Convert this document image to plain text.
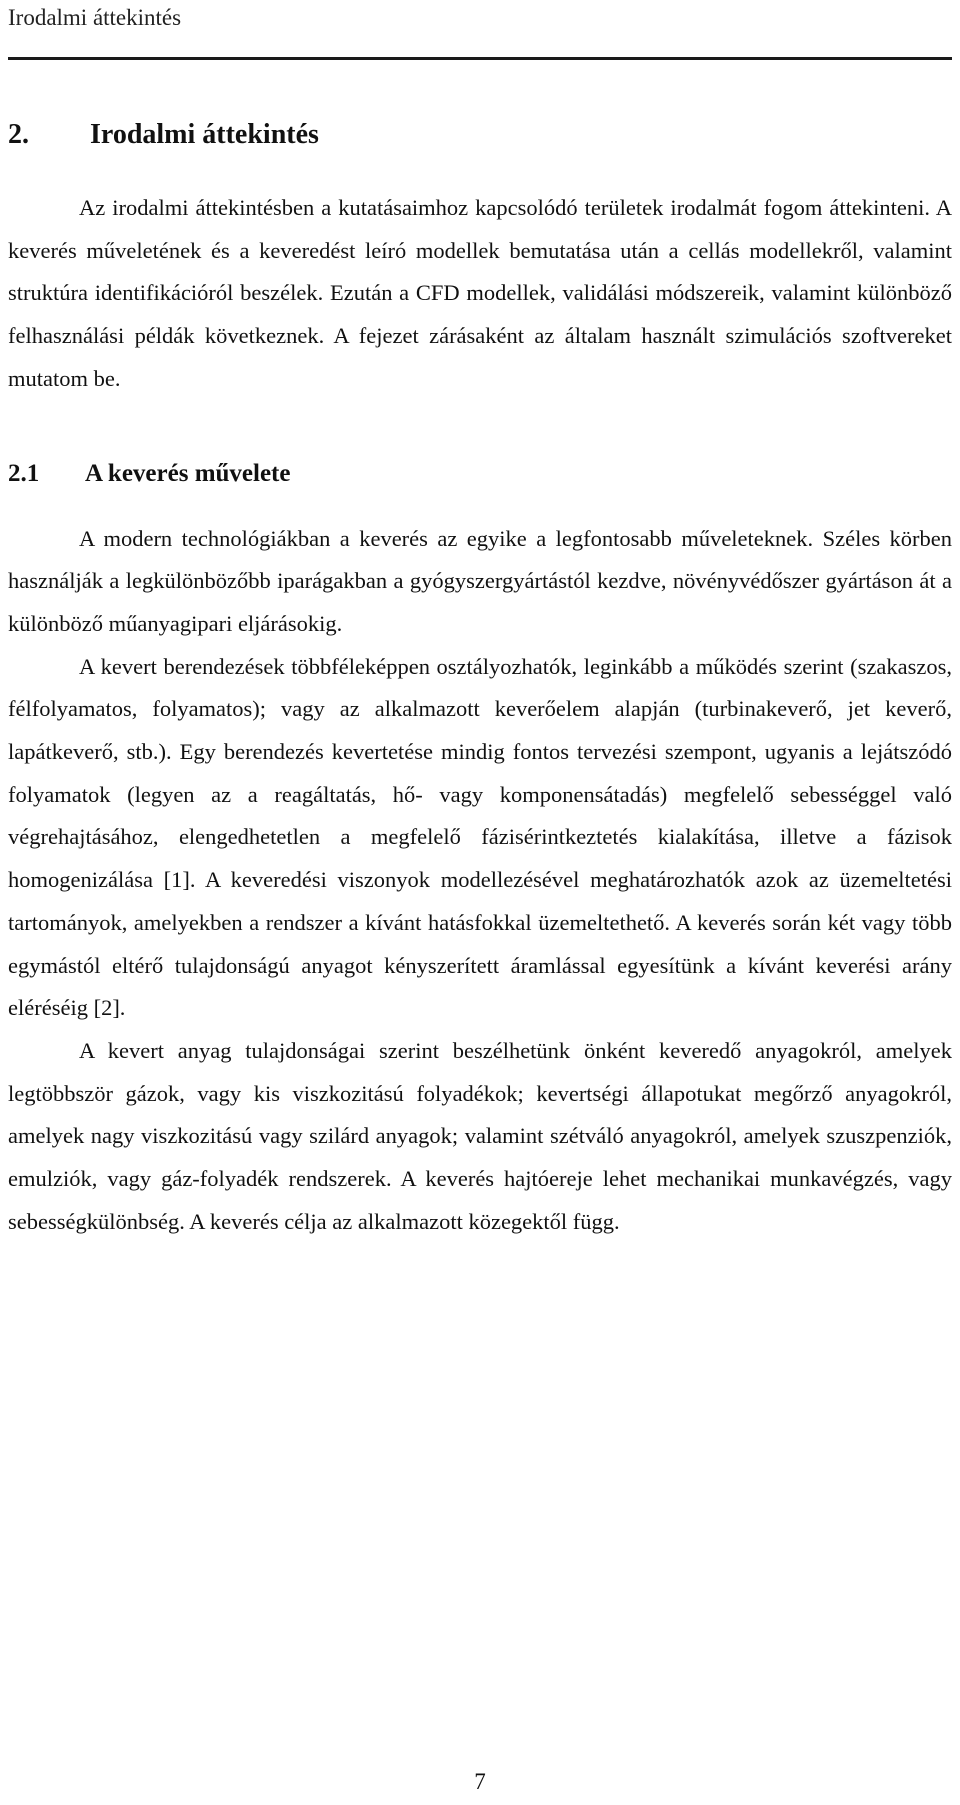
Irodalmi áttekintés
2.	Irodalmi áttekintés

Az irodalmi áttekintésben a kutatásaimhoz kapcsolódó területek irodalmát fogom áttekinteni. A keverés műveletének és a keveredést leíró modellek bemutatása után a cellás modellekről, valamint struktúra identifikációról beszélek. Ezután a CFD modellek, validálási módszereik, valamint különböző felhasználási példák következnek. A fejezet zárásaként az általam használt szimulációs szoftvereket mutatom be.

2.1	A keverés művelete

A modern technológiákban a keverés az egyike a legfontosabb műveleteknek. Széles körben használják a legkülönbözőbb iparágakban a gyógyszergyártástól kezdve, növényvédőszer gyártáson át a különböző műanyagipari eljárásokig.

A kevert berendezések többféleképpen osztályozhatók, leginkább a működés szerint (szakaszos, félfolyamatos, folyamatos); vagy az alkalmazott keverőelem alapján (turbinakeverő, jet keverő, lapátkeverő, stb.). Egy berendezés kevertetése mindig fontos tervezési szempont, ugyanis a lejátszódó folyamatok (legyen az a reagáltatás, hő- vagy komponensátadás) megfelelő sebességgel való végrehajtásához, elengedhetetlen a megfelelő fázisérintkeztetés kialakítása, illetve a fázisok homogenizálása [1]. A keveredési viszonyok modellezésével meghatározhatók azok az üzemeltetési tartományok, amelyekben a rendszer a kívánt hatásfokkal üzemeltethető. A keverés során két vagy több egymástól eltérő tulajdonságú anyagot kényszerített áramlással egyesítünk a kívánt keverési arány eléréséig [2].

A kevert anyag tulajdonságai szerint beszélhetünk önként keveredő anyagokról, amelyek legtöbbször gázok, vagy kis viszkozitású folyadékok; kevertségi állapotukat megőrző anyagokról, amelyek nagy viszkozitású vagy szilárd anyagok; valamint szétváló anyagokról, amelyek szuszpenziók, emulziók, vagy gáz-folyadék rendszerek. A keverés hajtóereje lehet mechanikai munkavégzés, vagy sebességkülönbség. A keverés célja az alkalmazott közegektől függ.

7
